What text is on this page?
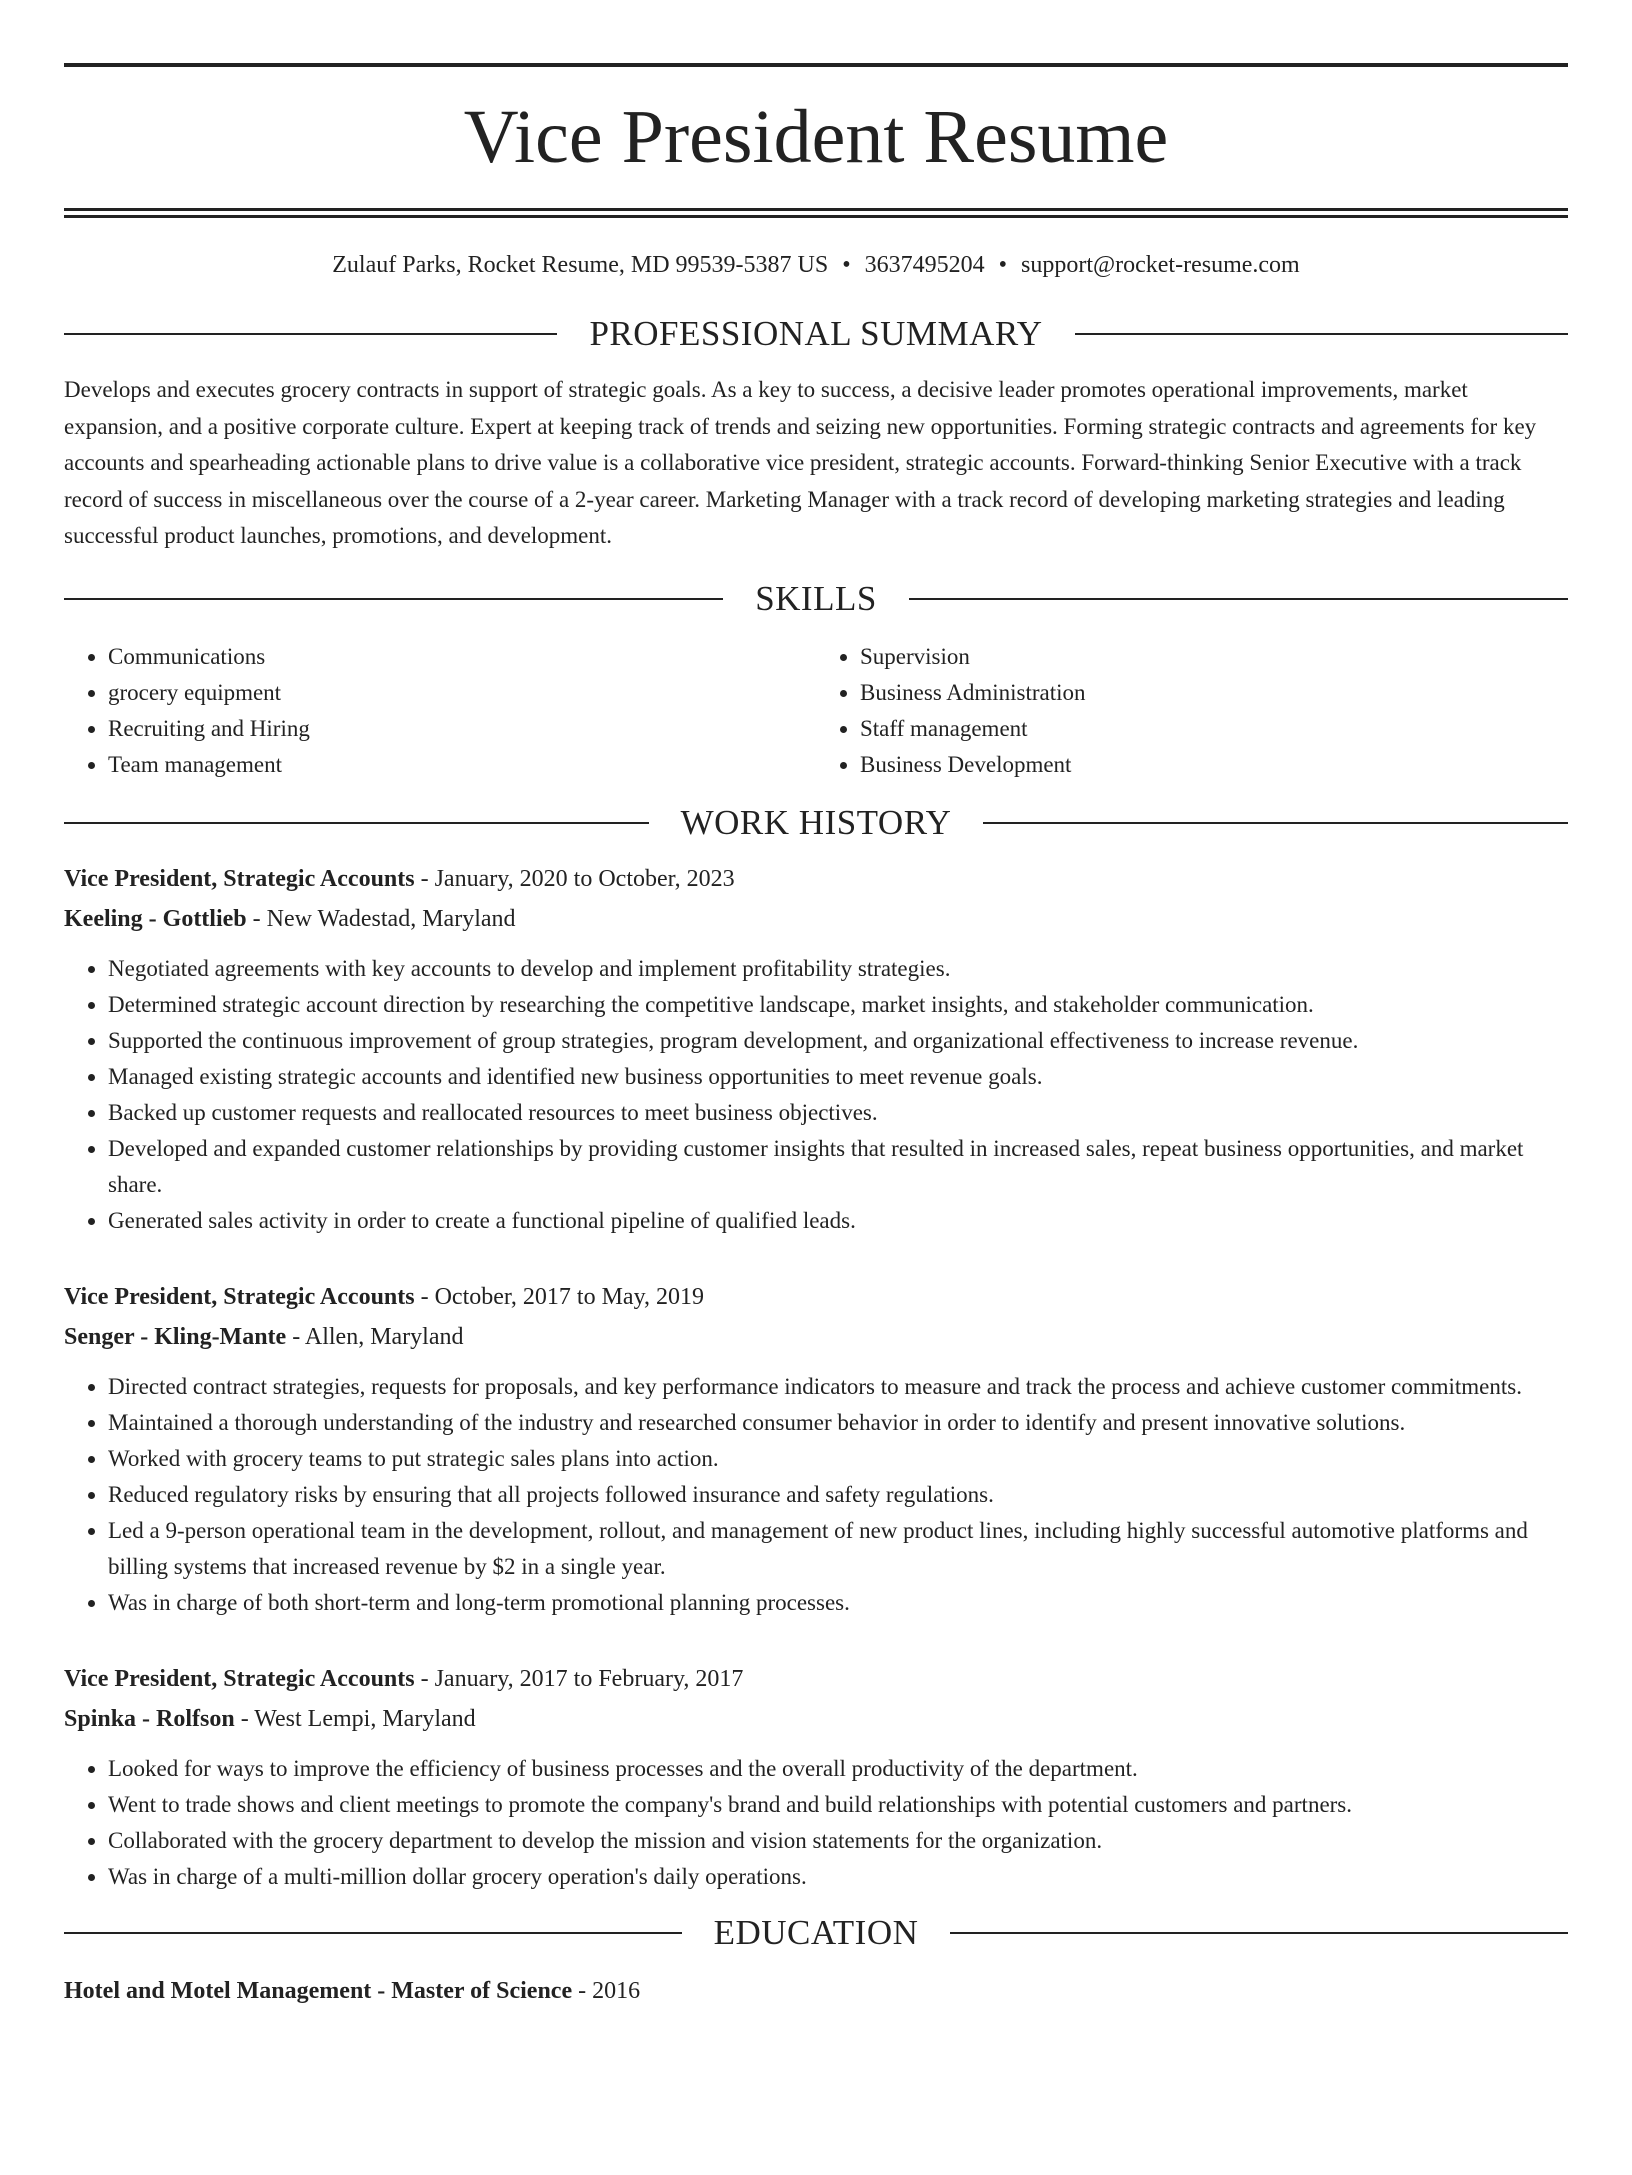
Vice President Resume
Zulauf Parks, Rocket Resume, MD 99539-5387 US • 3637495204 • support@rocket-resume.com
PROFESSIONAL SUMMARY
Develops and executes grocery contracts in support of strategic goals. As a key to success, a decisive leader promotes operational improvements, market expansion, and a positive corporate culture. Expert at keeping track of trends and seizing new opportunities. Forming strategic contracts and agreements for key accounts and spearheading actionable plans to drive value is a collaborative vice president, strategic accounts. Forward-thinking Senior Executive with a track record of success in miscellaneous over the course of a 2-year career. Marketing Manager with a track record of developing marketing strategies and leading successful product launches, promotions, and development.
SKILLS
• Communications
• grocery equipment
• Recruiting and Hiring
• Team management
• Supervision
• Business Administration
• Staff management
• Business Development
WORK HISTORY
Vice President, Strategic Accounts - January, 2020 to October, 2023
Keeling - Gottlieb - New Wadestad, Maryland
• Negotiated agreements with key accounts to develop and implement profitability strategies.
• Determined strategic account direction by researching the competitive landscape, market insights, and stakeholder communication.
• Supported the continuous improvement of group strategies, program development, and organizational effectiveness to increase revenue.
• Managed existing strategic accounts and identified new business opportunities to meet revenue goals.
• Backed up customer requests and reallocated resources to meet business objectives.
• Developed and expanded customer relationships by providing customer insights that resulted in increased sales, repeat business opportunities, and market share.
• Generated sales activity in order to create a functional pipeline of qualified leads.
Vice President, Strategic Accounts - October, 2017 to May, 2019
Senger - Kling-Mante - Allen, Maryland
• Directed contract strategies, requests for proposals, and key performance indicators to measure and track the process and achieve customer commitments.
• Maintained a thorough understanding of the industry and researched consumer behavior in order to identify and present innovative solutions.
• Worked with grocery teams to put strategic sales plans into action.
• Reduced regulatory risks by ensuring that all projects followed insurance and safety regulations.
• Led a 9-person operational team in the development, rollout, and management of new product lines, including highly successful automotive platforms and billing systems that increased revenue by $2 in a single year.
• Was in charge of both short-term and long-term promotional planning processes.
Vice President, Strategic Accounts - January, 2017 to February, 2017
Spinka - Rolfson - West Lempi, Maryland
• Looked for ways to improve the efficiency of business processes and the overall productivity of the department.
• Went to trade shows and client meetings to promote the company's brand and build relationships with potential customers and partners.
• Collaborated with the grocery department to develop the mission and vision statements for the organization.
• Was in charge of a multi-million dollar grocery operation's daily operations.
EDUCATION
Hotel and Motel Management - Master of Science - 2016
